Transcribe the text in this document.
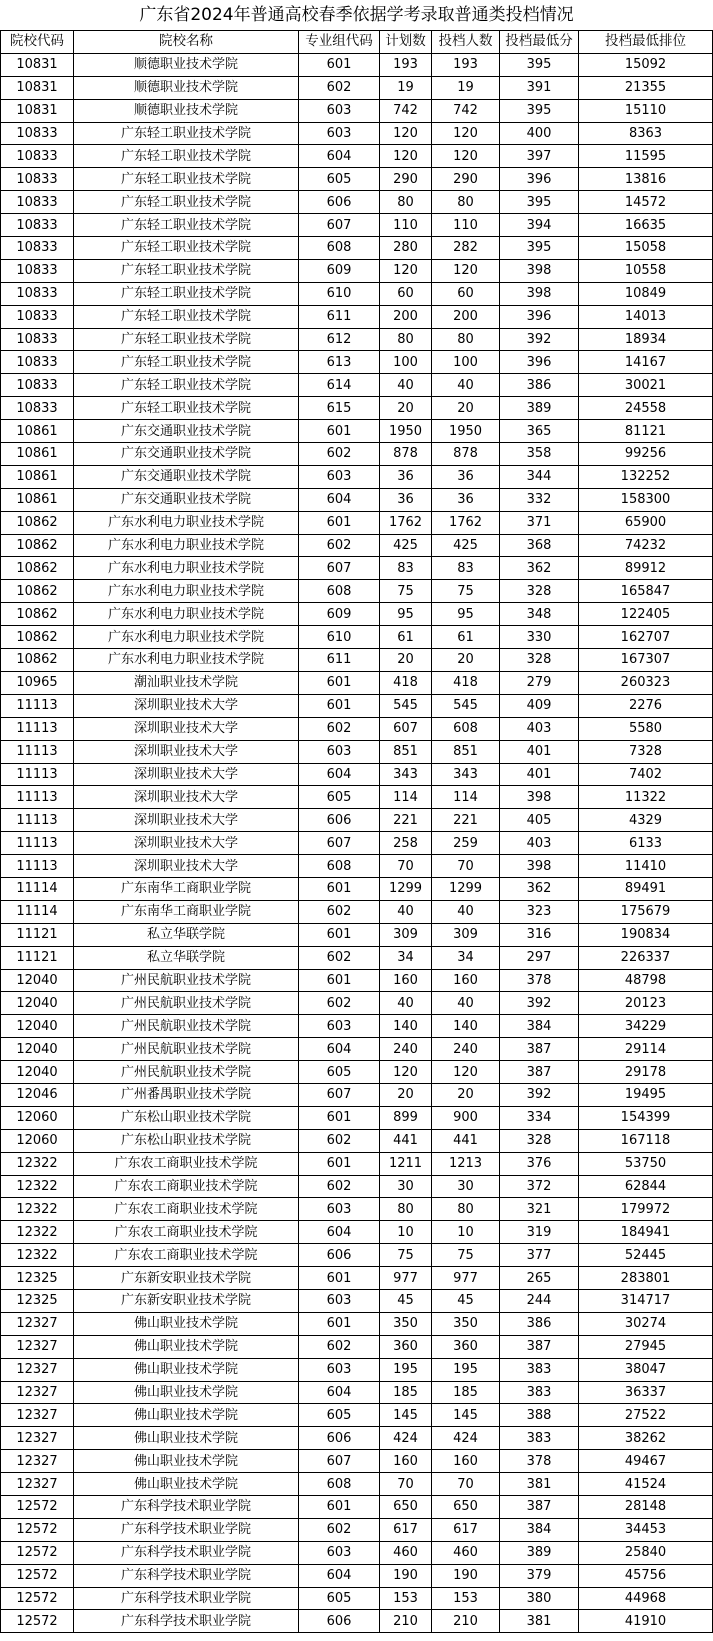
广东省2024年普通高校春季依据学考录取普通类投档情况
院校代码	院校名称	专业组代码	计划数	投档人数	投档最低分	投档最低排位
10831	顺德职业技术学院	601	193	193	395	15092
10831	顺德职业技术学院	602	19	19	391	21355
10831	顺德职业技术学院	603	742	742	395	15110
10833	广东轻工职业技术学院	603	120	120	400	8363
10833	广东轻工职业技术学院	604	120	120	397	11595
10833	广东轻工职业技术学院	605	290	290	396	13816
10833	广东轻工职业技术学院	606	80	80	395	14572
10833	广东轻工职业技术学院	607	110	110	394	16635
10833	广东轻工职业技术学院	608	280	282	395	15058
10833	广东轻工职业技术学院	609	120	120	398	10558
10833	广东轻工职业技术学院	610	60	60	398	10849
10833	广东轻工职业技术学院	611	200	200	396	14013
10833	广东轻工职业技术学院	612	80	80	392	18934
10833	广东轻工职业技术学院	613	100	100	396	14167
10833	广东轻工职业技术学院	614	40	40	386	30021
10833	广东轻工职业技术学院	615	20	20	389	24558
10861	广东交通职业技术学院	601	1950	1950	365	81121
10861	广东交通职业技术学院	602	878	878	358	99256
10861	广东交通职业技术学院	603	36	36	344	132252
10861	广东交通职业技术学院	604	36	36	332	158300
10862	广东水利电力职业技术学院	601	1762	1762	371	65900
10862	广东水利电力职业技术学院	602	425	425	368	74232
10862	广东水利电力职业技术学院	607	83	83	362	89912
10862	广东水利电力职业技术学院	608	75	75	328	165847
10862	广东水利电力职业技术学院	609	95	95	348	122405
10862	广东水利电力职业技术学院	610	61	61	330	162707
10862	广东水利电力职业技术学院	611	20	20	328	167307
10965	潮汕职业技术学院	601	418	418	279	260323
11113	深圳职业技术大学	601	545	545	409	2276
11113	深圳职业技术大学	602	607	608	403	5580
11113	深圳职业技术大学	603	851	851	401	7328
11113	深圳职业技术大学	604	343	343	401	7402
11113	深圳职业技术大学	605	114	114	398	11322
11113	深圳职业技术大学	606	221	221	405	4329
11113	深圳职业技术大学	607	258	259	403	6133
11113	深圳职业技术大学	608	70	70	398	11410
11114	广东南华工商职业学院	601	1299	1299	362	89491
11114	广东南华工商职业学院	602	40	40	323	175679
11121	私立华联学院	601	309	309	316	190834
11121	私立华联学院	602	34	34	297	226337
12040	广州民航职业技术学院	601	160	160	378	48798
12040	广州民航职业技术学院	602	40	40	392	20123
12040	广州民航职业技术学院	603	140	140	384	34229
12040	广州民航职业技术学院	604	240	240	387	29114
12040	广州民航职业技术学院	605	120	120	387	29178
12046	广州番禺职业技术学院	607	20	20	392	19495
12060	广东松山职业技术学院	601	899	900	334	154399
12060	广东松山职业技术学院	602	441	441	328	167118
12322	广东农工商职业技术学院	601	1211	1213	376	53750
12322	广东农工商职业技术学院	602	30	30	372	62844
12322	广东农工商职业技术学院	603	80	80	321	179972
12322	广东农工商职业技术学院	604	10	10	319	184941
12322	广东农工商职业技术学院	606	75	75	377	52445
12325	广东新安职业技术学院	601	977	977	265	283801
12325	广东新安职业技术学院	603	45	45	244	314717
12327	佛山职业技术学院	601	350	350	386	30274
12327	佛山职业技术学院	602	360	360	387	27945
12327	佛山职业技术学院	603	195	195	383	38047
12327	佛山职业技术学院	604	185	185	383	36337
12327	佛山职业技术学院	605	145	145	388	27522
12327	佛山职业技术学院	606	424	424	383	38262
12327	佛山职业技术学院	607	160	160	378	49467
12327	佛山职业技术学院	608	70	70	381	41524
12572	广东科学技术职业学院	601	650	650	387	28148
12572	广东科学技术职业学院	602	617	617	384	34453
12572	广东科学技术职业学院	603	460	460	389	25840
12572	广东科学技术职业学院	604	190	190	379	45756
12572	广东科学技术职业学院	605	153	153	380	44968
12572	广东科学技术职业学院	606	210	210	381	41910
